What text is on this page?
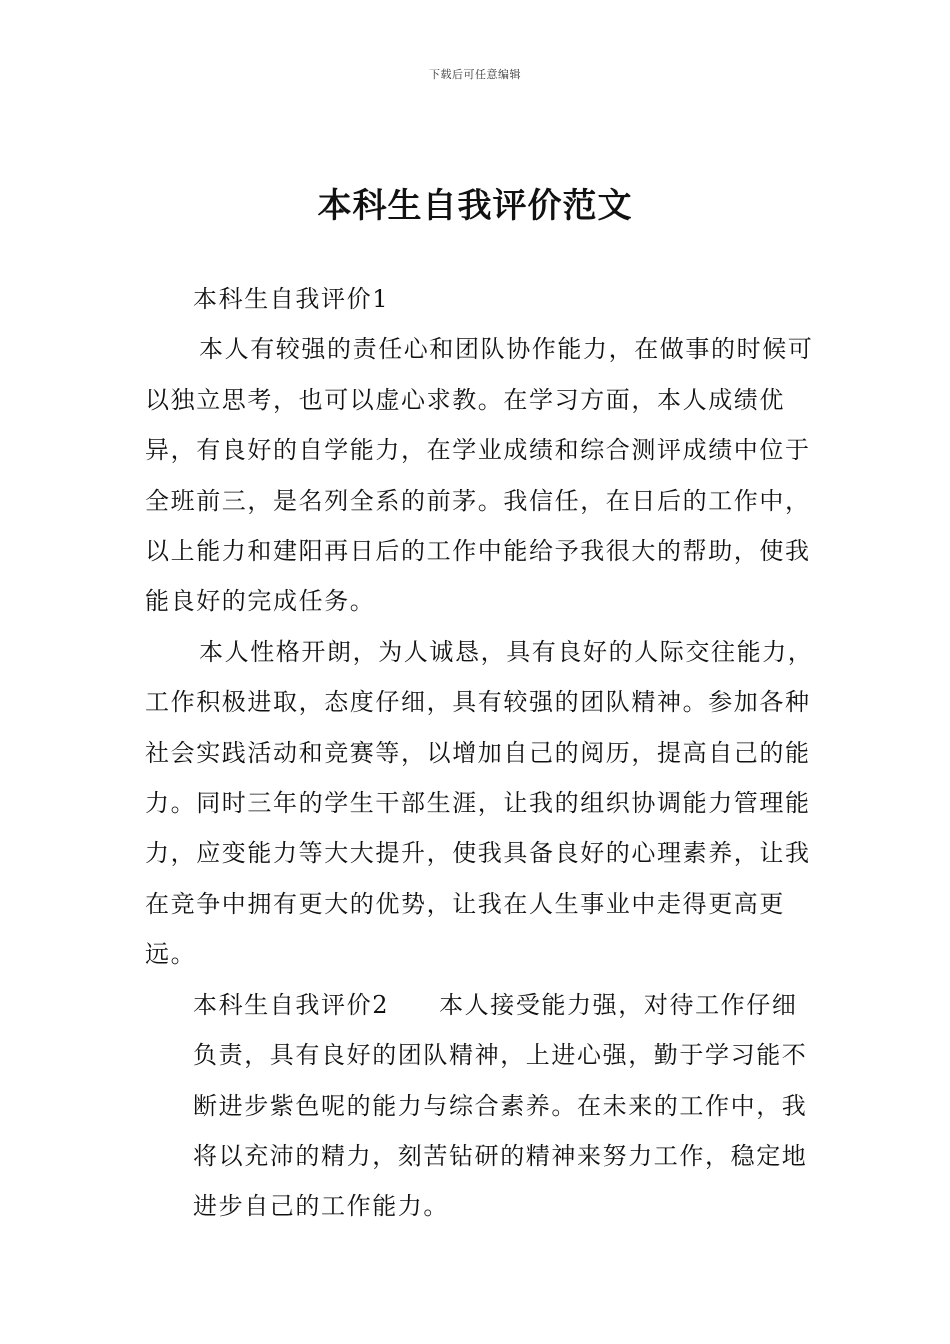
下载后可任意编辑
本科生自我评价范文

本科生自我评价1

本人有较强的责任心和团队协作能力，在做事的时候可以独立思考，也可以虚心求教。在学习方面，本人成绩优异，有良好的自学能力，在学业成绩和综合测评成绩中位于全班前三，是名列全系的前茅。我信任，在日后的工作中，以上能力和建阳再日后的工作中能给予我很大的帮助，使我能良好的完成任务。

本人性格开朗，为人诚恳，具有良好的人际交往能力，工作积极进取，态度仔细，具有较强的团队精神。参加各种社会实践活动和竞赛等，以增加自己的阅历，提高自己的能力。同时三年的学生干部生涯，让我的组织协调能力管理能力，应变能力等大大提升，使我具备良好的心理素养，让我在竞争中拥有更大的优势，让我在人生事业中走得更高更远。

本科生自我评价2 本人接受能力强，对待工作仔细负责，具有良好的团队精神，上进心强，勤于学习能不断进步紫色呢的能力与综合素养。在未来的工作中，我将以充沛的精力，刻苦钻研的精神来努力工作，稳定地进步自己的工作能力。
